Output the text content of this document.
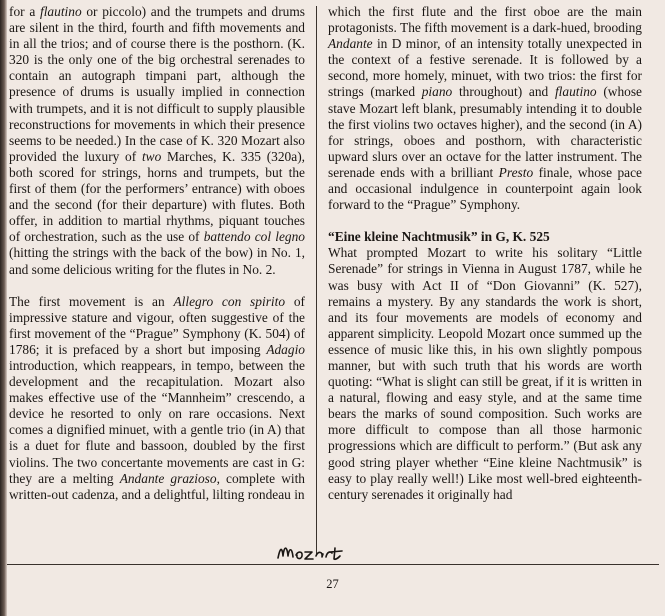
for a flautino or piccolo) and the trumpets and drums are silent in the third, fourth and fifth movements and in all the trios; and of course there is the posthorn. (K. 320 is the only one of the big orchestral serenades to contain an autograph timpani part, although the presence of drums is usually implied in connection with trumpets, and it is not difficult to supply plausible reconstructions for movements in which their presence seems to be needed.) In the case of K. 320 Mozart also provided the luxury of two Marches, K. 335 (320a), both scored for strings, horns and trumpets, but the first of them (for the performers’ entrance) with oboes and the second (for their departure) with flutes. Both offer, in addition to martial rhythms, piquant touches of orchestration, such as the use of battendo col legno (hitting the strings with the back of the bow) in No. 1, and some delicious writing for the flutes in No. 2.

The first movement is an Allegro con spirito of impressive stature and vigour, often suggestive of the first movement of the “Prague” Symphony (K. 504) of 1786; it is prefaced by a short but imposing Adagio introduction, which reappears, in tempo, between the development and the recapitulation. Mozart also makes effective use of the “Mannheim” crescendo, a device he resorted to only on rare occasions. Next comes a dignified minuet, with a gentle trio (in A) that is a duet for flute and bassoon, doubled by the first violins. The two concertante movements are cast in G: they are a melting Andante grazioso, complete with written-out cadenza, and a delightful, lilting rondeau in

which the first flute and the first oboe are the main protagonists. The fifth movement is a dark-hued, brooding Andante in D minor, of an intensity totally unexpected in the context of a festive serenade. It is followed by a second, more homely, minuet, with two trios: the first for strings (marked piano throughout) and flautino (whose stave Mozart left blank, presumably intending it to double the first violins two octaves higher), and the second (in A) for strings, oboes and posthorn, with characteristic upward slurs over an octave for the latter instrument. The serenade ends with a brilliant Presto finale, whose pace and occasional indulgence in counterpoint again look forward to the “Prague” Symphony.

“Eine kleine Nachtmusik” in G, K. 525

What prompted Mozart to write his solitary “Little Serenade” for strings in Vienna in August 1787, while he was busy with Act II of “Don Giovanni” (K. 527), remains a mystery. By any standards the work is short, and its four movements are models of economy and apparent simplicity. Leopold Mozart once summed up the essence of music like this, in his own slightly pompous manner, but with such truth that his words are worth quoting: “What is slight can still be great, if it is written in a natural, flowing and easy style, and at the same time bears the marks of sound composition. Such works are more difficult to compose than all those harmonic progressions which are difficult to perform.” (But ask any good string player whether “Eine kleine Nachtmusik” is easy to play really well!) Like most well-bred eighteenth-century serenades it originally had

27
